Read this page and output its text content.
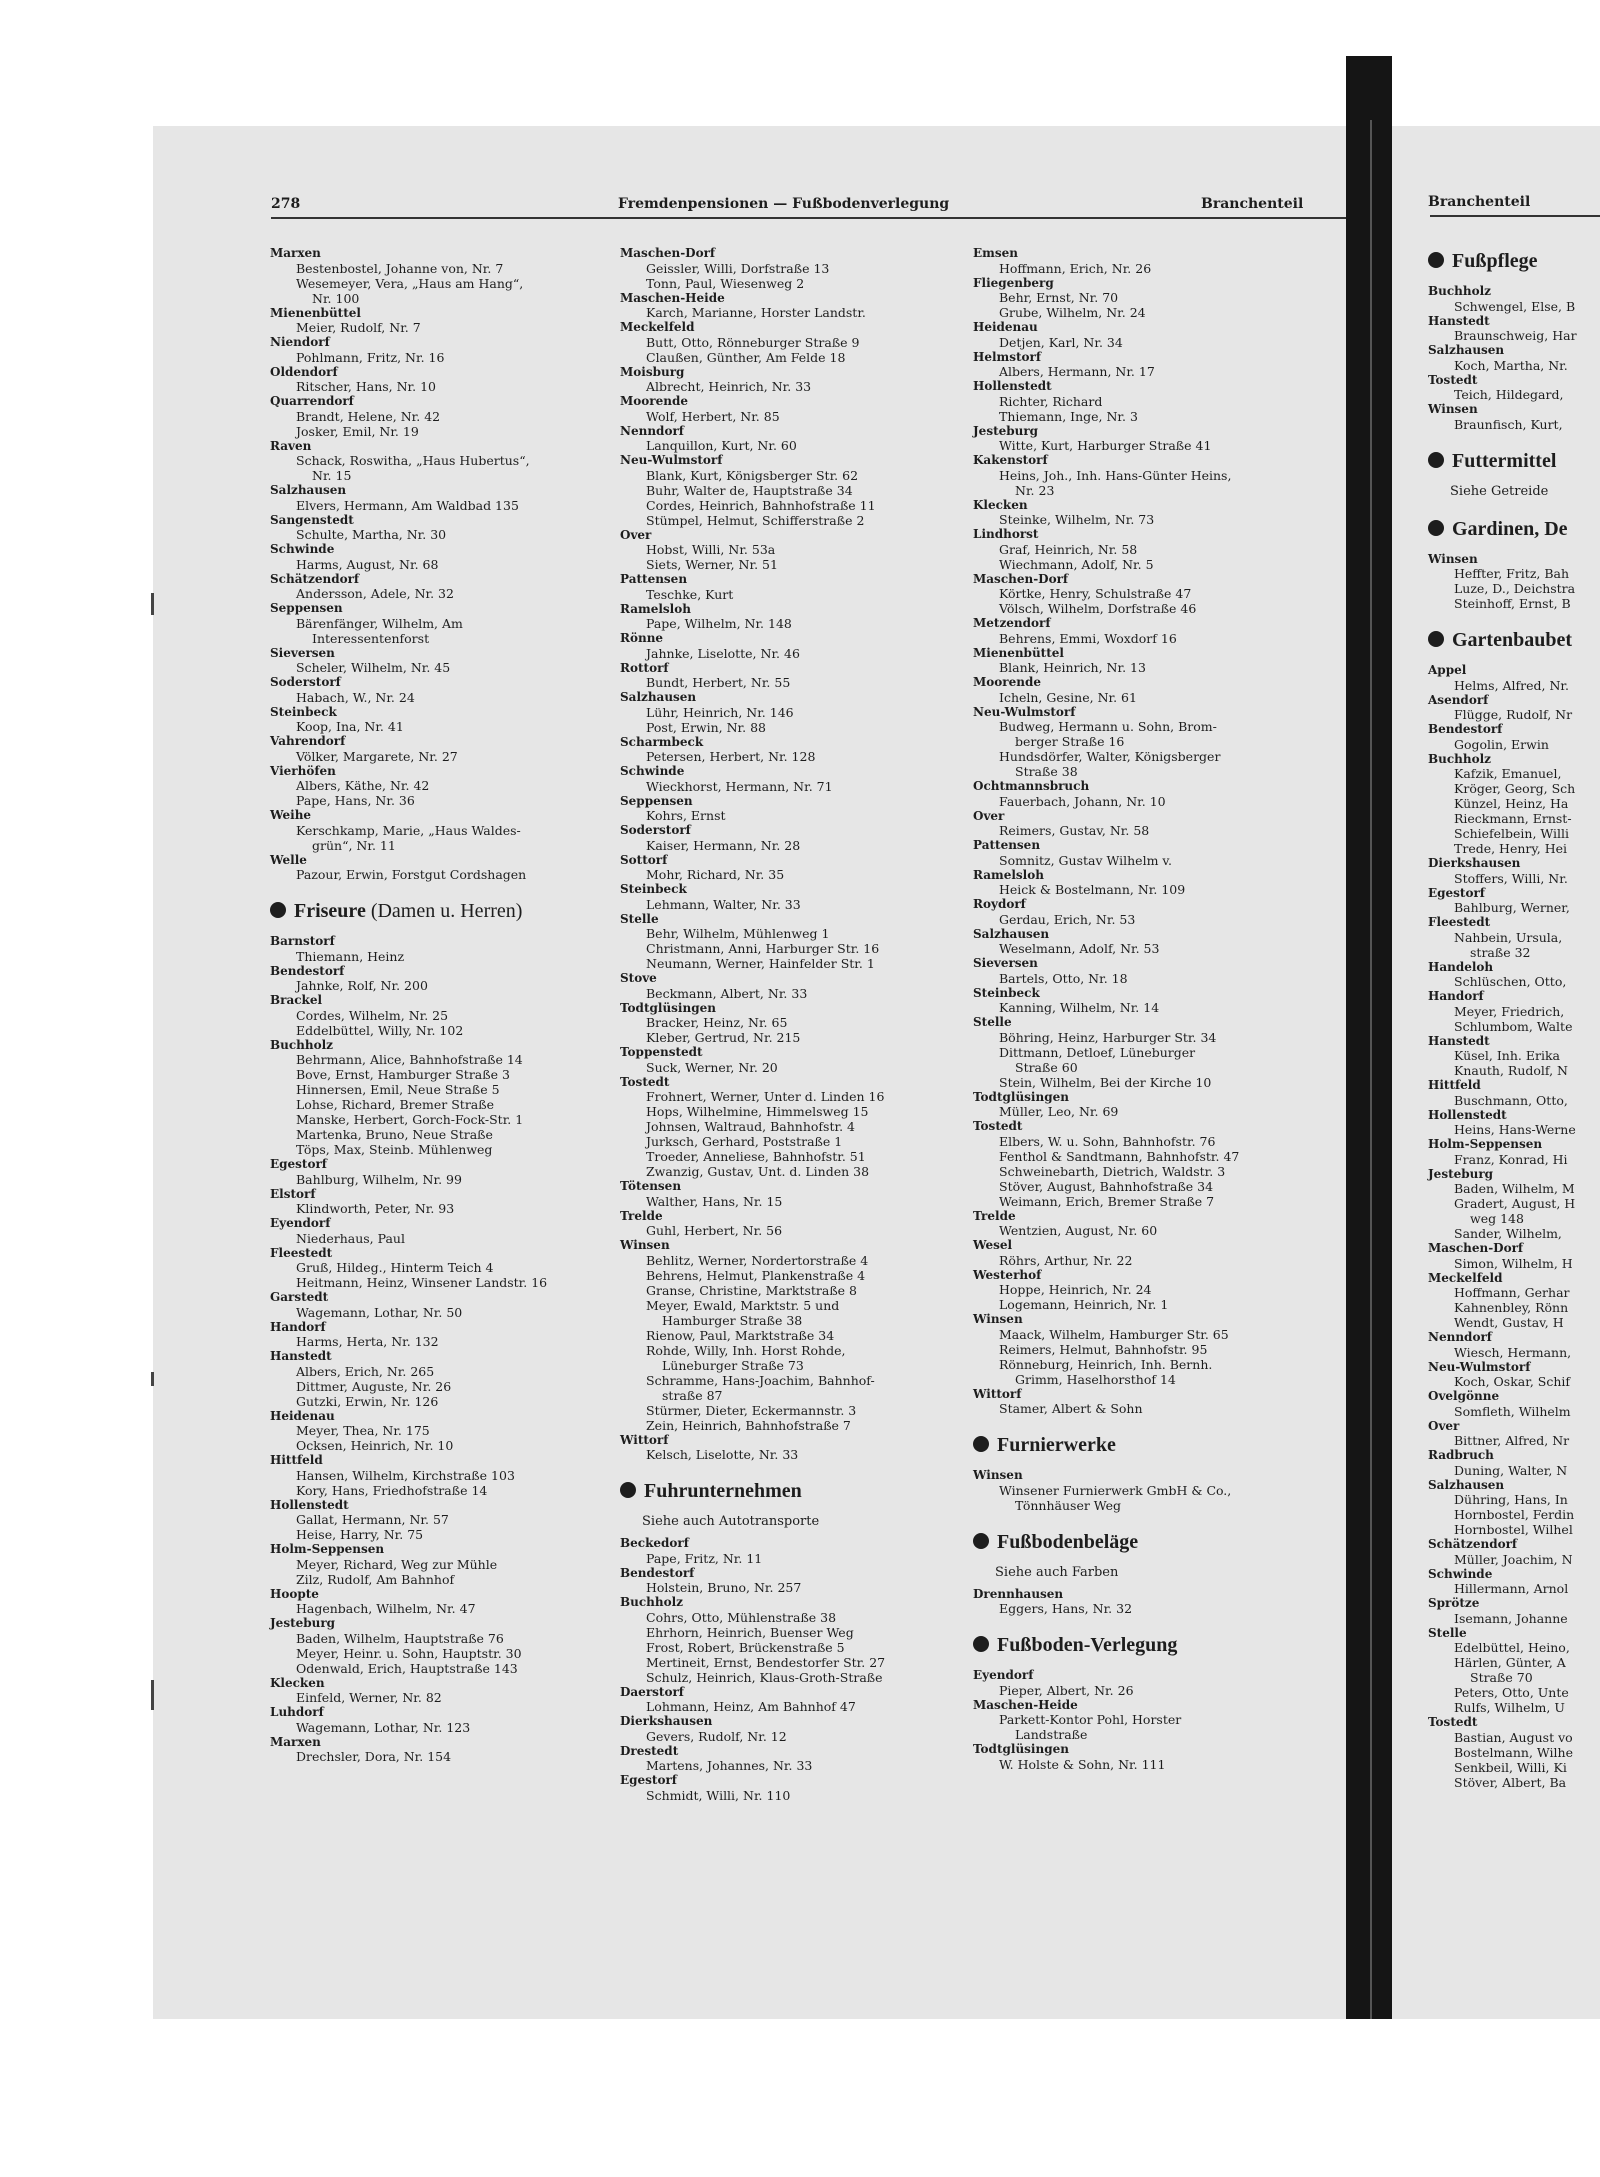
278	Fremdenpensionen — Fußbodenverlegung	Branchenteil
Marxen
Bestenbostel, Johanne von, Nr. 7
Wesemeyer, Vera, „Haus am Hang“,
Nr. 100
Mienenbüttel
Meier, Rudolf, Nr. 7
Niendorf
Pohlmann, Fritz, Nr. 16
Oldendorf
Ritscher, Hans, Nr. 10
Quarrendorf
Brandt, Helene, Nr. 42
Josker, Emil, Nr. 19
Raven
Schack, Roswitha, „Haus Hubertus“,
Nr. 15
Salzhausen
Elvers, Hermann, Am Waldbad 135
Sangenstedt
Schulte, Martha, Nr. 30
Schwinde
Harms, August, Nr. 68
Schätzendorf
Andersson, Adele, Nr. 32
Seppensen
Bärenfänger, Wilhelm, Am
Interessentenforst
Sieversen
Scheler, Wilhelm, Nr. 45
Soderstorf
Habach, W., Nr. 24
Steinbeck
Koop, Ina, Nr. 41
Vahrendorf
Völker, Margarete, Nr. 27
Vierhöfen
Albers, Käthe, Nr. 42
Pape, Hans, Nr. 36
Weihe
Kerschkamp, Marie, „Haus Waldes-
grün“, Nr. 11
Welle
Pazour, Erwin, Forstgut Cordshagen
Friseure (Damen u. Herren)
Barnstorf
Thiemann, Heinz
Bendestorf
Jahnke, Rolf, Nr. 200
Brackel
Cordes, Wilhelm, Nr. 25
Eddelbüttel, Willy, Nr. 102
Buchholz
Behrmann, Alice, Bahnhofstraße 14
Bove, Ernst, Hamburger Straße 3
Hinnersen, Emil, Neue Straße 5
Lohse, Richard, Bremer Straße
Manske, Herbert, Gorch-Fock-Str. 1
Martenka, Bruno, Neue Straße
Töps, Max, Steinb. Mühlenweg
Egestorf
Bahlburg, Wilhelm, Nr. 99
Elstorf
Klindworth, Peter, Nr. 93
Eyendorf
Niederhaus, Paul
Fleestedt
Gruß, Hildeg., Hinterm Teich 4
Heitmann, Heinz, Winsener Landstr. 16
Garstedt
Wagemann, Lothar, Nr. 50
Handorf
Harms, Herta, Nr. 132
Hanstedt
Albers, Erich, Nr. 265
Dittmer, Auguste, Nr. 26
Gutzki, Erwin, Nr. 126
Heidenau
Meyer, Thea, Nr. 175
Ocksen, Heinrich, Nr. 10
Hittfeld
Hansen, Wilhelm, Kirchstraße 103
Kory, Hans, Friedhofstraße 14
Hollenstedt
Gallat, Hermann, Nr. 57
Heise, Harry, Nr. 75
Holm-Seppensen
Meyer, Richard, Weg zur Mühle
Zilz, Rudolf, Am Bahnhof
Hoopte
Hagenbach, Wilhelm, Nr. 47
Jesteburg
Baden, Wilhelm, Hauptstraße 76
Meyer, Heinr. u. Sohn, Hauptstr. 30
Odenwald, Erich, Hauptstraße 143
Klecken
Einfeld, Werner, Nr. 82
Luhdorf
Wagemann, Lothar, Nr. 123
Marxen
Drechsler, Dora, Nr. 154
Maschen-Dorf
Geissler, Willi, Dorfstraße 13
Tonn, Paul, Wiesenweg 2
Maschen-Heide
Karch, Marianne, Horster Landstr.
Meckelfeld
Butt, Otto, Rönneburger Straße 9
Claußen, Günther, Am Felde 18
Moisburg
Albrecht, Heinrich, Nr. 33
Moorende
Wolf, Herbert, Nr. 85
Nenndorf
Lanquillon, Kurt, Nr. 60
Neu-Wulmstorf
Blank, Kurt, Königsberger Str. 62
Buhr, Walter de, Hauptstraße 34
Cordes, Heinrich, Bahnhofstraße 11
Stümpel, Helmut, Schifferstraße 2
Over
Hobst, Willi, Nr. 53a
Siets, Werner, Nr. 51
Pattensen
Teschke, Kurt
Ramelsloh
Pape, Wilhelm, Nr. 148
Rönne
Jahnke, Liselotte, Nr. 46
Rottorf
Bundt, Herbert, Nr. 55
Salzhausen
Lühr, Heinrich, Nr. 146
Post, Erwin, Nr. 88
Scharmbeck
Petersen, Herbert, Nr. 128
Schwinde
Wieckhorst, Hermann, Nr. 71
Seppensen
Kohrs, Ernst
Soderstorf
Kaiser, Hermann, Nr. 28
Sottorf
Mohr, Richard, Nr. 35
Steinbeck
Lehmann, Walter, Nr. 33
Stelle
Behr, Wilhelm, Mühlenweg 1
Christmann, Anni, Harburger Str. 16
Neumann, Werner, Hainfelder Str. 1
Stove
Beckmann, Albert, Nr. 33
Todtglüsingen
Bracker, Heinz, Nr. 65
Kleber, Gertrud, Nr. 215
Toppenstedt
Suck, Werner, Nr. 20
Tostedt
Frohnert, Werner, Unter d. Linden 16
Hops, Wilhelmine, Himmelsweg 15
Johnsen, Waltraud, Bahnhofstr. 4
Jurksch, Gerhard, Poststraße 1
Troeder, Anneliese, Bahnhofstr. 51
Zwanzig, Gustav, Unt. d. Linden 38
Tötensen
Walther, Hans, Nr. 15
Trelde
Guhl, Herbert, Nr. 56
Winsen
Behlitz, Werner, Nordertorstraße 4
Behrens, Helmut, Plankenstraße 4
Granse, Christine, Marktstraße 8
Meyer, Ewald, Marktstr. 5 und
Hamburger Straße 38
Rienow, Paul, Marktstraße 34
Rohde, Willy, Inh. Horst Rohde,
Lüneburger Straße 73
Schramme, Hans-Joachim, Bahnhof-
straße 87
Stürmer, Dieter, Eckermannstr. 3
Zein, Heinrich, Bahnhofstraße 7
Wittorf
Kelsch, Liselotte, Nr. 33
Fuhrunternehmen
Siehe auch Autotransporte
Beckedorf
Pape, Fritz, Nr. 11
Bendestorf
Holstein, Bruno, Nr. 257
Buchholz
Cohrs, Otto, Mühlenstraße 38
Ehrhorn, Heinrich, Buenser Weg
Frost, Robert, Brückenstraße 5
Mertineit, Ernst, Bendestorfer Str. 27
Schulz, Heinrich, Klaus-Groth-Straße
Daerstorf
Lohmann, Heinz, Am Bahnhof 47
Dierkshausen
Gevers, Rudolf, Nr. 12
Drestedt
Martens, Johannes, Nr. 33
Egestorf
Schmidt, Willi, Nr. 110
Emsen
Hoffmann, Erich, Nr. 26
Fliegenberg
Behr, Ernst, Nr. 70
Grube, Wilhelm, Nr. 24
Heidenau
Detjen, Karl, Nr. 34
Helmstorf
Albers, Hermann, Nr. 17
Hollenstedt
Richter, Richard
Thiemann, Inge, Nr. 3
Jesteburg
Witte, Kurt, Harburger Straße 41
Kakenstorf
Heins, Joh., Inh. Hans-Günter Heins,
Nr. 23
Klecken
Steinke, Wilhelm, Nr. 73
Lindhorst
Graf, Heinrich, Nr. 58
Wiechmann, Adolf, Nr. 5
Maschen-Dorf
Körtke, Henry, Schulstraße 47
Völsch, Wilhelm, Dorfstraße 46
Metzendorf
Behrens, Emmi, Woxdorf 16
Mienenbüttel
Blank, Heinrich, Nr. 13
Moorende
Icheln, Gesine, Nr. 61
Neu-Wulmstorf
Budweg, Hermann u. Sohn, Brom-
berger Straße 16
Hundsdörfer, Walter, Königsberger
Straße 38
Ochtmannsbruch
Fauerbach, Johann, Nr. 10
Over
Reimers, Gustav, Nr. 58
Pattensen
Somnitz, Gustav Wilhelm v.
Ramelsloh
Heick & Bostelmann, Nr. 109
Roydorf
Gerdau, Erich, Nr. 53
Salzhausen
Weselmann, Adolf, Nr. 53
Sieversen
Bartels, Otto, Nr. 18
Steinbeck
Kanning, Wilhelm, Nr. 14
Stelle
Böhring, Heinz, Harburger Str. 34
Dittmann, Detloef, Lüneburger
Straße 60
Stein, Wilhelm, Bei der Kirche 10
Todtglüsingen
Müller, Leo, Nr. 69
Tostedt
Elbers, W. u. Sohn, Bahnhofstr. 76
Fenthol & Sandtmann, Bahnhofstr. 47
Schweinebarth, Dietrich, Waldstr. 3
Stöver, August, Bahnhofstraße 34
Weimann, Erich, Bremer Straße 7
Trelde
Wentzien, August, Nr. 60
Wesel
Röhrs, Arthur, Nr. 22
Westerhof
Hoppe, Heinrich, Nr. 24
Logemann, Heinrich, Nr. 1
Winsen
Maack, Wilhelm, Hamburger Str. 65
Reimers, Helmut, Bahnhofstr. 95
Rönneburg, Heinrich, Inh. Bernh.
Grimm, Haselhorsthof 14
Wittorf
Stamer, Albert & Sohn
Furnierwerke
Winsen
Winsener Furnierwerk GmbH & Co.,
Tönnhäuser Weg
Fußbodenbeläge
Siehe auch Farben
Drennhausen
Eggers, Hans, Nr. 32
Fußboden-Verlegung
Eyendorf
Pieper, Albert, Nr. 26
Maschen-Heide
Parkett-Kontor Pohl, Horster
Landstraße
Todtglüsingen
W. Holste & Sohn, Nr. 111
Branchenteil
Fußpflege
Buchholz
Schwengel, Else, B
Hanstedt
Braunschweig, Har
Salzhausen
Koch, Martha, Nr.
Tostedt
Teich, Hildegard,
Winsen
Braunfisch, Kurt,
Futtermittel
Siehe Getreide
Gardinen, De
Winsen
Heffter, Fritz, Bah
Luze, D., Deichstra
Steinhoff, Ernst, B
Gartenbaubet
Appel
Helms, Alfred, Nr.
Asendorf
Flügge, Rudolf, Nr
Bendestorf
Gogolin, Erwin
Buchholz
Kafzik, Emanuel,
Kröger, Georg, Sch
Künzel, Heinz, Ha
Rieckmann, Ernst-
Schiefelbein, Willi
Trede, Henry, Hei
Dierkshausen
Stoffers, Willi, Nr.
Egestorf
Bahlburg, Werner,
Fleestedt
Nahbein, Ursula,
straße 32
Handeloh
Schlüschen, Otto,
Handorf
Meyer, Friedrich,
Schlumbom, Walte
Hanstedt
Küsel, Inh. Erika
Knauth, Rudolf, N
Hittfeld
Buschmann, Otto,
Hollenstedt
Heins, Hans-Werne
Holm-Seppensen
Franz, Konrad, Hi
Jesteburg
Baden, Wilhelm, M
Gradert, August, H
weg 148
Sander, Wilhelm,
Maschen-Dorf
Simon, Wilhelm, H
Meckelfeld
Hoffmann, Gerhar
Kahnenbley, Rönn
Wendt, Gustav, H
Nenndorf
Wiesch, Hermann,
Neu-Wulmstorf
Koch, Oskar, Schif
Ovelgönne
Somfleth, Wilhelm
Over
Bittner, Alfred, Nr
Radbruch
Duning, Walter, N
Salzhausen
Dühring, Hans, In
Hornbostel, Ferdin
Hornbostel, Wilhel
Schätzendorf
Müller, Joachim, N
Schwinde
Hillermann, Arnol
Sprötze
Isemann, Johanne
Stelle
Edelbüttel, Heino,
Härlen, Günter, A
Straße 70
Peters, Otto, Unte
Rulfs, Wilhelm, U
Tostedt
Bastian, August vo
Bostelmann, Wilhe
Senkbeil, Willi, Ki
Stöver, Albert, Ba
